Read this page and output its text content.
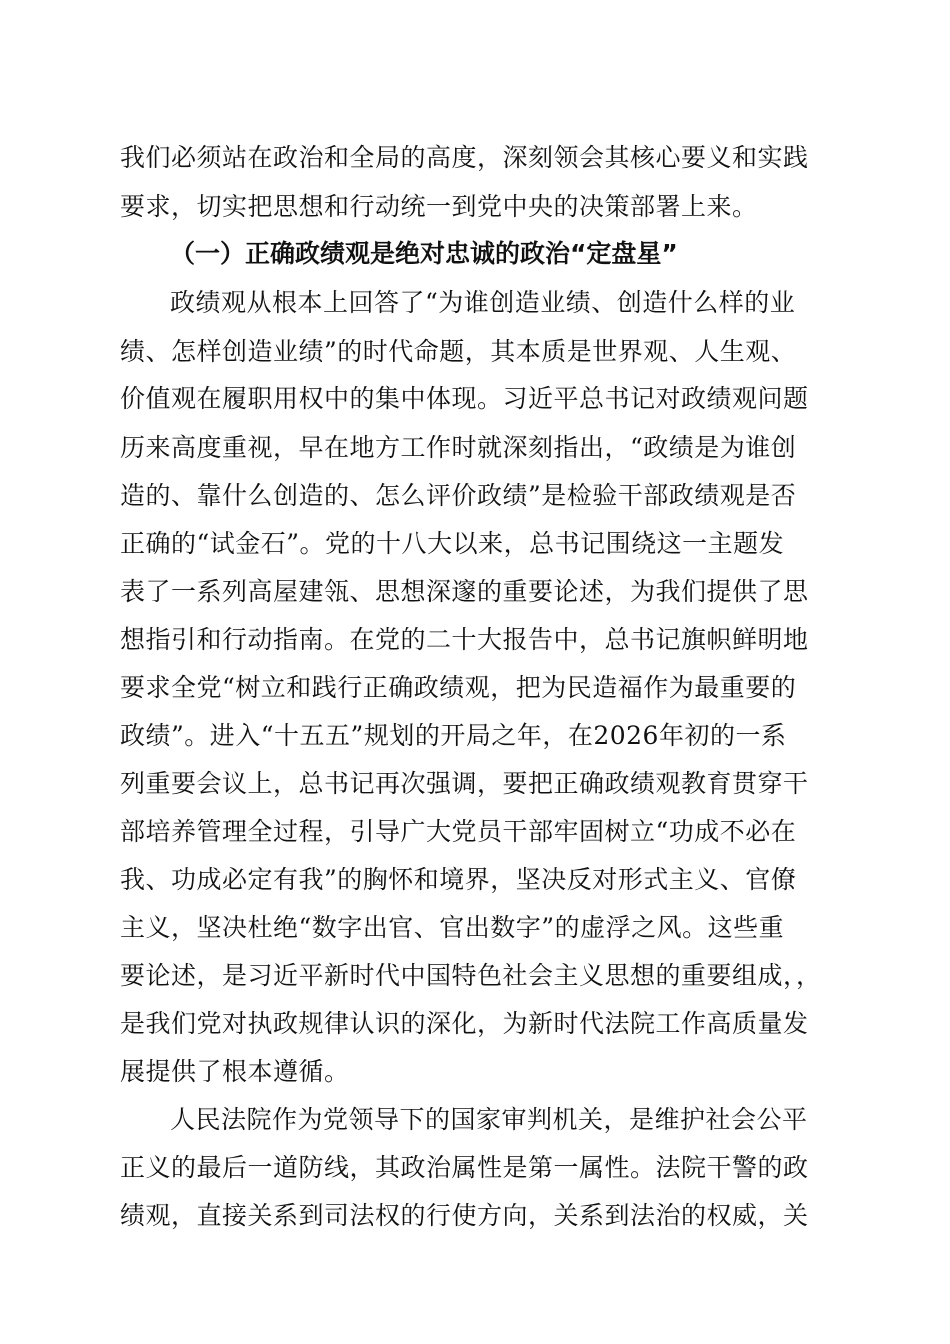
我们必须站在政治和全局的高度，深刻领会其核心要义和实践
要求，切实把思想和行动统一到党中央的决策部署上来。
（一）正确政绩观是绝对忠诚的政治“定盘星”
政绩观从根本上回答了“为谁创造业绩、创造什么样的业
绩、怎样创造业绩”的时代命题，其本质是世界观、人生观、
价值观在履职用权中的集中体现。习近平总书记对政绩观问题
历来高度重视，早在地方工作时就深刻指出，“政绩是为谁创
造的、靠什么创造的、怎么评价政绩”是检验干部政绩观是否
正确的“试金石”。党的十八大以来，总书记围绕这一主题发
表了一系列高屋建瓴、思想深邃的重要论述，为我们提供了思
想指引和行动指南。在党的二十大报告中，总书记旗帜鲜明地
要求全党“树立和践行正确政绩观，把为民造福作为最重要的
政绩”。进入“十五五”规划的开局之年，在2026年初的一系
列重要会议上，总书记再次强调，要把正确政绩观教育贯穿干
部培养管理全过程，引导广大党员干部牢固树立“功成不必在
我、功成必定有我”的胸怀和境界，坚决反对形式主义、官僚
主义，坚决杜绝“数字出官、官出数字”的虚浮之风。这些重
要论述，是习近平新时代中国特色社会主义思想的重要组成，，
是我们党对执政规律认识的深化，为新时代法院工作高质量发
展提供了根本遵循。
人民法院作为党领导下的国家审判机关，是维护社会公平
正义的最后一道防线，其政治属性是第一属性。法院干警的政
绩观，直接关系到司法权的行使方向，关系到法治的权威，关
